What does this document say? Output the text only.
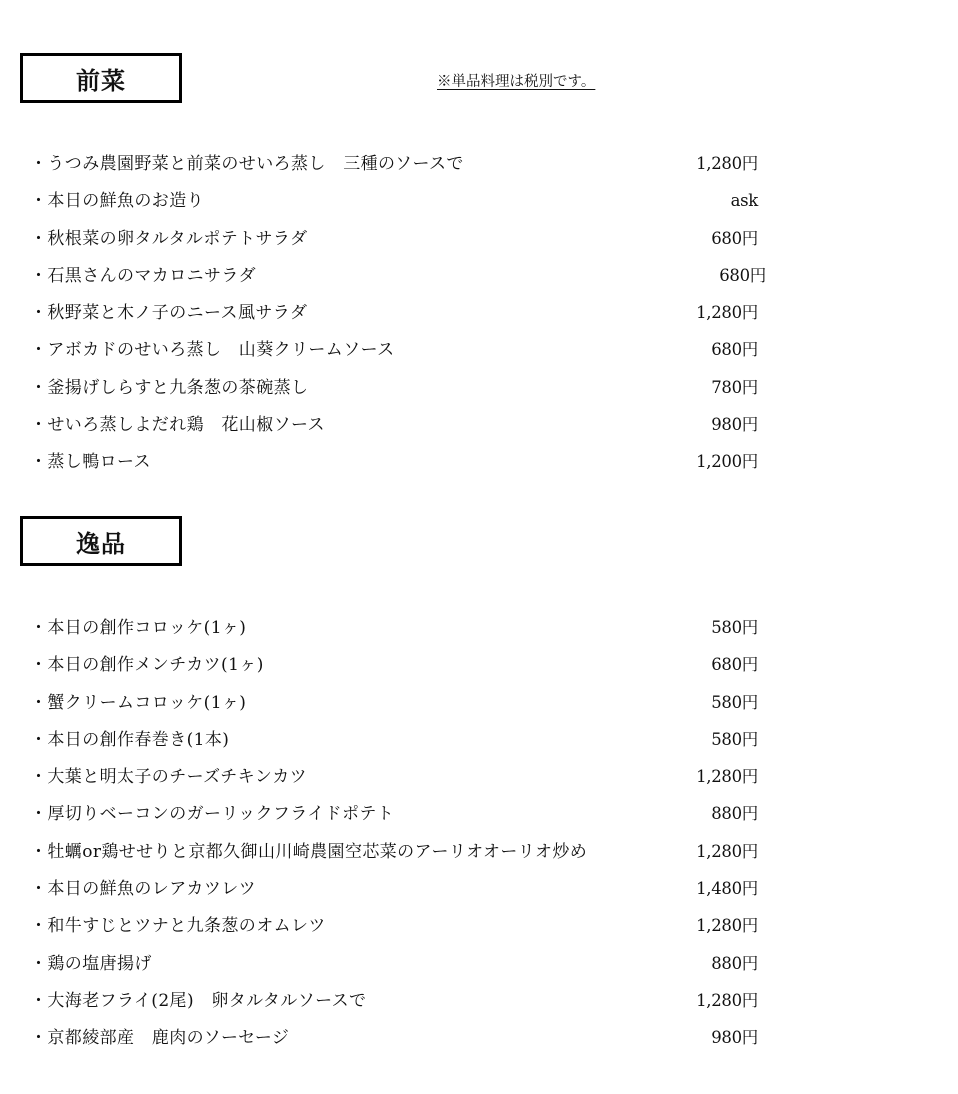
前菜	※単品料理は税別です。
・うつみ農園野菜と前菜のせいろ蒸し　三種のソースで	1,280円
・本日の鮮魚のお造り	ask
・秋根菜の卵タルタルポテトサラダ	680円
・石黒さんのマカロニサラダ	680円
・秋野菜と木ノ子のニース風サラダ	1,280円
・アボカドのせいろ蒸し　山葵クリームソース	680円
・釜揚げしらすと九条葱の茶碗蒸し	780円
・せいろ蒸しよだれ鶏　花山椒ソース	980円
・蒸し鴨ロース	1,200円
逸品
・本日の創作コロッケ(1ヶ)	580円
・本日の創作メンチカツ(1ヶ)	680円
・蟹クリームコロッケ(1ヶ)	580円
・本日の創作春巻き(1本)	580円
・大葉と明太子のチーズチキンカツ	1,280円
・厚切りベーコンのガーリックフライドポテト	880円
・牡蠣or鶏せせりと京都久御山川崎農園空芯菜のアーリオオーリオ炒め	1,280円
・本日の鮮魚のレアカツレツ	1,480円
・和牛すじとツナと九条葱のオムレツ	1,280円
・鶏の塩唐揚げ	880円
・大海老フライ(2尾)　卵タルタルソースで	1,280円
・京都綾部産　鹿肉のソーセージ	980円
